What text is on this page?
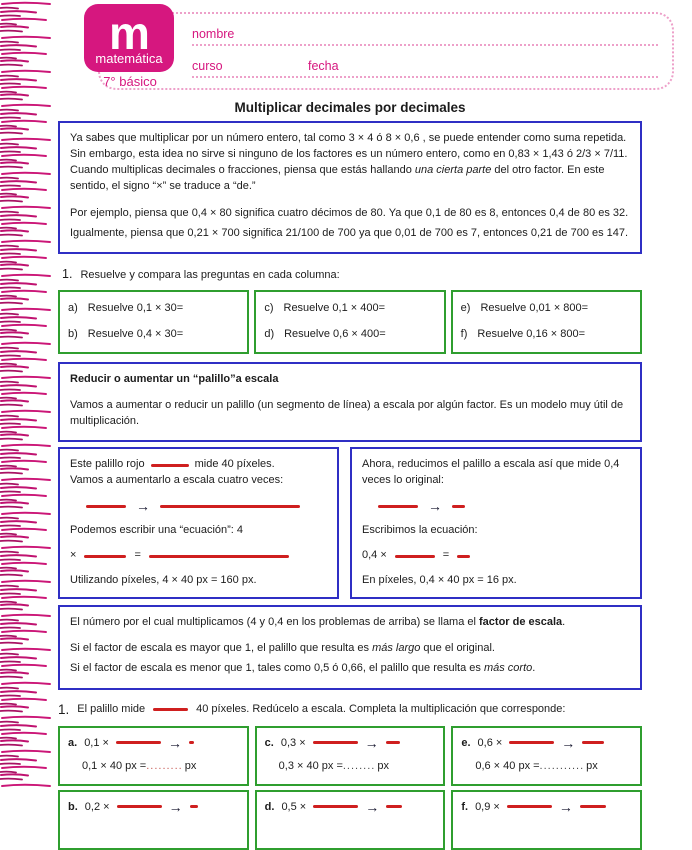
m
matemática
7° básico
nombre
curso	fecha
Multiplicar decimales por decimales

Ya sabes que multiplicar por un número entero, tal como 3 × 4 ó 8 × 0,6 , se puede entender como suma repetida. Sin embargo, esta idea no sirve si ninguno de los factores es un número entero, como en 0,83 × 1,43 ó 2/3 × 7/11. Cuando multiplicas decimales o fracciones, piensa que estás hallando una cierta parte del otro factor. En este sentido, el signo “×” se traduce a “de.”

Por ejemplo, piensa que 0,4 × 80 significa cuatro décimos de 80. Ya que 0,1 de 80 es 8, entonces 0,4 de 80 es 32.

Igualmente, piensa que 0,21 × 700 significa 21/100 de 700 ya que 0,01 de 700 es 7, entonces 0,21 de 700 es 147.

1. Resuelve y compara las preguntas en cada columna:
a) Resuelve 0,1 × 30=
b) Resuelve 0,4 × 30=
c) Resuelve 0,1 × 400=
d) Resuelve 0,6 × 400=
e) Resuelve 0,01 × 800=
f) Resuelve 0,16 × 800=

Reducir o aumentar un “palillo”a escala

Vamos a aumentar o reducir un palillo (un segmento de línea) a escala por algún factor. Es un modelo muy útil de multiplicación.

Este palillo rojo	mide 40 píxeles.
Vamos a aumentarlo a escala cuatro veces:
→
Podemos escribir una “ecuación”: 4
×	=
Utilizando píxeles, 4 × 40 px = 160 px.
Ahora, reducimos el palillo a escala así que mide 0,4 veces lo original:
→
Escribimos la ecuación:
0,4 ×	=
En píxeles, 0,4 × 40 px = 16 px.

El número por el cual multiplicamos (4 y 0,4 en los problemas de arriba) se llama el factor de escala.

Si el factor de escala es mayor que 1, el palillo que resulta es más largo que el original.

Si el factor de escala es menor que 1, tales como 0,5 ó 0,66, el palillo que resulta es más corto.

1. El palillo mide	40 píxeles. Redúcelo a escala. Completa la multiplicación que corresponde:
a. 0,1 ×	→
0,1 × 40 px =......... px
c. 0,3 ×	→
0,3 × 40 px =........ px
e. 0,6 ×	→
0,6 × 40 px =........... px
b. 0,2 ×	→	d. 0,5 ×	→	f. 0,9 ×	→
